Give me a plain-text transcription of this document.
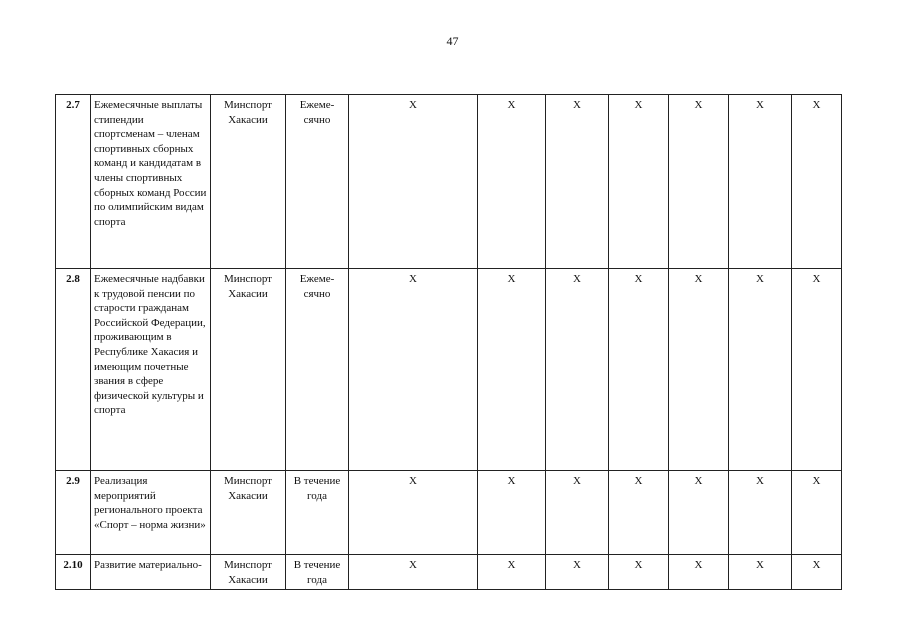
47
2.7	Ежемесячные выплаты стипендии спортсменам – членам спортивных сборных команд и кандидатам в члены спортивных сборных команд России по олимпийским видам спорта	Минспорт Хакасии	Ежеме-сячно	Х	Х	Х	Х	Х	Х	Х
2.8	Ежемесячные надбавки к трудовой пенсии по старости гражданам Российской Федерации, проживающим в Республике Хакасия и имеющим почетные звания в сфере физической культуры и спорта	Минспорт Хакасии	Ежеме-сячно	Х	Х	Х	Х	Х	Х	Х
2.9	Реализация мероприятий регионального проекта «Спорт – норма жизни»	Минспорт Хакасии	В течение года	Х	Х	Х	Х	Х	Х	Х
2.10	Развитие материально-	Минспорт Хакасии	В течение года	Х	Х	Х	Х	Х	Х	Х
